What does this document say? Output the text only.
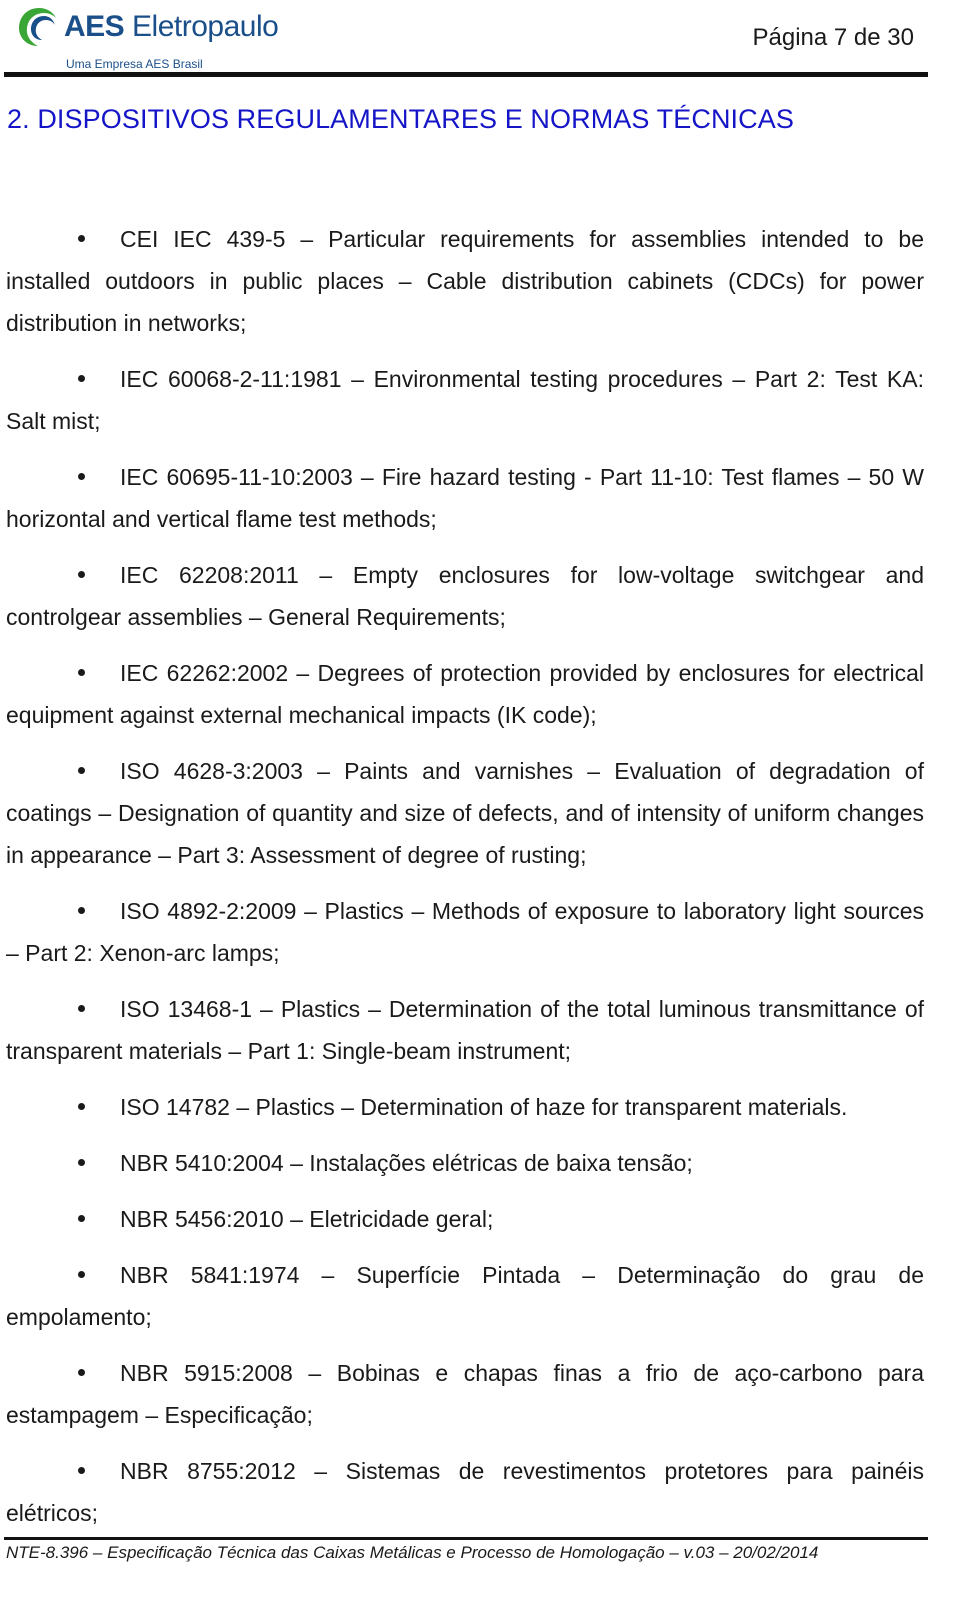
AES Eletropaulo
Uma Empresa AES Brasil
Página 7 de 30
2. DISPOSITIVOS REGULAMENTARES E NORMAS TÉCNICAS
CEI IEC 439-5 – Particular requirements for assemblies intended to be installed outdoors in public places – Cable distribution cabinets (CDCs) for power distribution in networks;
IEC 60068-2-11:1981 – Environmental testing procedures – Part 2: Test KA: Salt mist;
IEC 60695-11-10:2003 – Fire hazard testing - Part 11-10: Test flames – 50 W horizontal and vertical flame test methods;
IEC 62208:2011 – Empty enclosures for low-voltage switchgear and controlgear assemblies – General Requirements;
IEC 62262:2002 – Degrees of protection provided by enclosures for electrical equipment against external mechanical impacts (IK code);
ISO 4628-3:2003 – Paints and varnishes – Evaluation of degradation of coatings – Designation of quantity and size of defects, and of intensity of uniform changes in appearance – Part 3: Assessment of degree of rusting;
ISO 4892-2:2009 – Plastics – Methods of exposure to laboratory light sources – Part 2: Xenon-arc lamps;
ISO 13468-1 – Plastics – Determination of the total luminous transmittance of transparent materials – Part 1: Single-beam instrument;
ISO 14782 – Plastics – Determination of haze for transparent materials.
NBR 5410:2004 – Instalações elétricas de baixa tensão;
NBR 5456:2010 – Eletricidade geral;
NBR 5841:1974 – Superfície Pintada – Determinação do grau de empolamento;
NBR 5915:2008 – Bobinas e chapas finas a frio de aço-carbono para estampagem – Especificação;
NBR 8755:2012 – Sistemas de revestimentos protetores para painéis elétricos;
NTE-8.396 – Especificação Técnica das Caixas Metálicas e Processo de Homologação – v.03 – 20/02/2014
